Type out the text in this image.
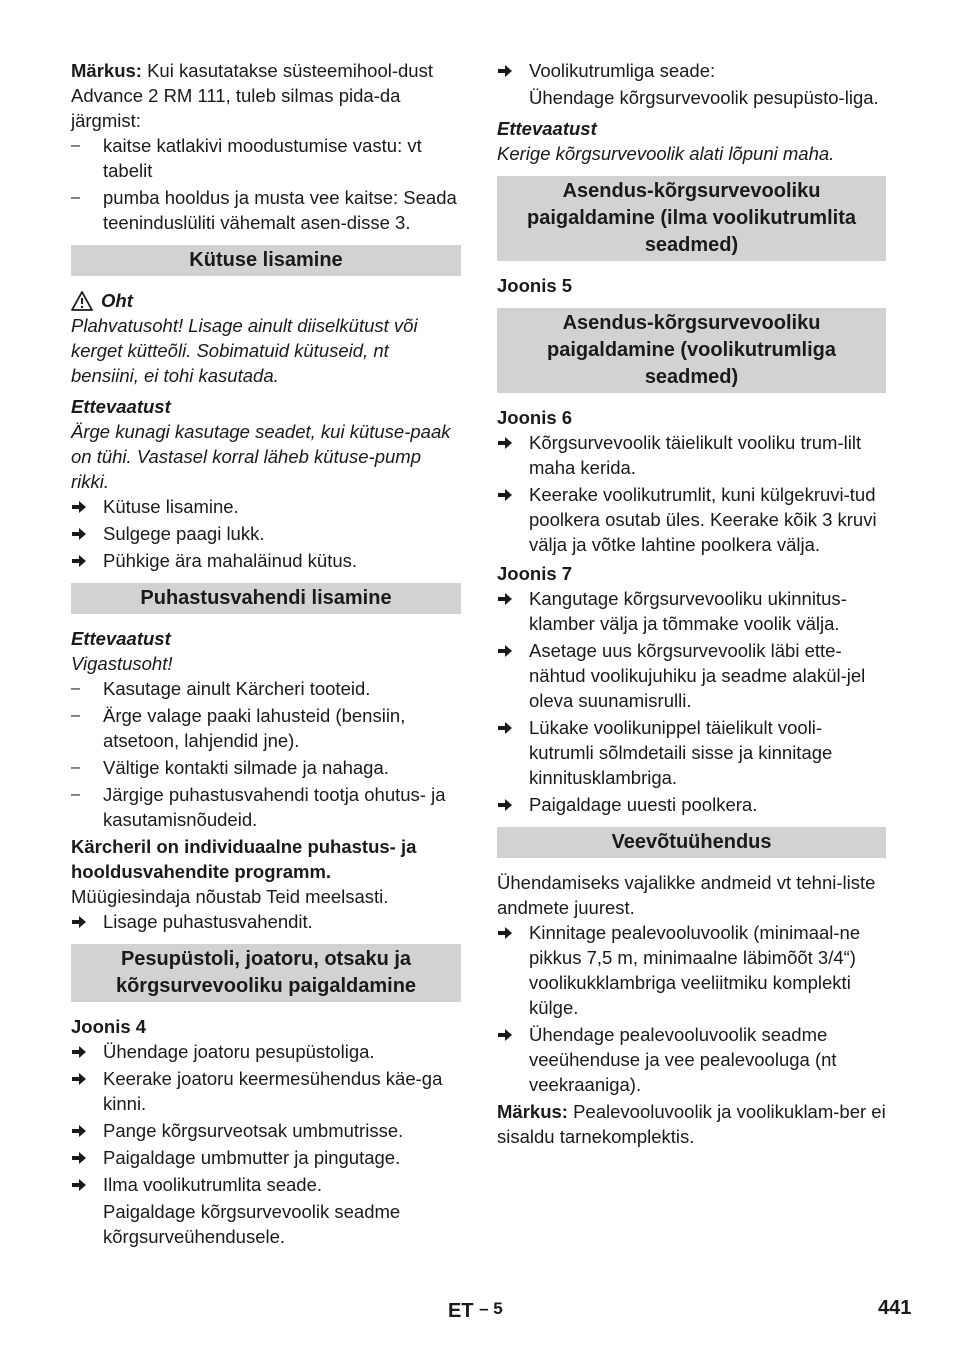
Märkus: Kui kasutatakse süsteemihool-dust Advance 2 RM 111, tuleb silmas pida-da järgmist:

–	kaitse katlakivi moodustumise vastu: vt tabelit
–	pumba hooldus ja musta vee kaitse: Seada teeninduslüliti vähemalt asen-disse 3.
Kütuse lisamine
Oht

Plahvatusoht! Lisage ainult diiselkütust või kerget kütteõli. Sobimatuid kütuseid, nt bensiini, ei tohi kasutada.

Ettevaatust

Ärge kunagi kasutage seadet, kui kütuse-paak on tühi. Vastasel korral läheb kütuse-pump rikki.

Kütuse lisamine.
Sulgege paagi lukk.
Pühkige ära mahaläinud kütus.
Puhastusvahendi lisamine

Ettevaatust

Vigastusoht!

–	Kasutage ainult Kärcheri tooteid.
–	Ärge valage paaki lahusteid (bensiin, atsetoon, lahjendid jne).
–	Vältige kontakti silmade ja nahaga.
–	Järgige puhastusvahendi tootja ohutus- ja kasutamisnõudeid.

Kärcheril on individuaalne puhastus- ja hooldusvahendite programm.

Müügiesindaja nõustab Teid meelsasti.

Lisage puhastusvahendit.
Pesupüstoli, joatoru, otsaku ja kõrgsurvevooliku paigaldamine

Joonis 4

Ühendage joatoru pesupüstoliga.
Keerake joatoru keermesühendus käe-ga kinni.
Pange kõrgsurveotsak umbmutrisse.
Paigaldage umbmutter ja pingutage.
Ilma voolikutrumlita seade.

Paigaldage kõrgsurvevoolik seadme kõrgsurveühendusele.

Voolikutrumliga seade:

Ühendage kõrgsurvevoolik pesupüsto-liga.

Ettevaatust

Kerige kõrgsurvevoolik alati lõpuni maha.

Asendus-kõrgsurvevooliku paigaldamine (ilma voolikutrumlita seadmed)

Joonis 5

Asendus-kõrgsurvevooliku paigaldamine (voolikutrumliga seadmed)

Joonis 6

Kõrgsurvevoolik täielikult vooliku trum-lilt maha kerida.
Keerake voolikutrumlit, kuni külgekruvi-tud poolkera osutab üles. Keerake kõik 3 kruvi välja ja võtke lahtine poolkera välja.

Joonis 7

Kangutage kõrgsurvevooliku ukinnitus-klamber välja ja tõmmake voolik välja.
Asetage uus kõrgsurvevoolik läbi ette-nähtud voolikujuhiku ja seadme alakül-jel oleva suunamisrulli.
Lükake voolikunippel täielikult vooli-kutrumli sõlmdetaili sisse ja kinnitage kinnitusklambriga.
Paigaldage uuesti poolkera.
Veevõtuühendus

Ühendamiseks vajalikke andmeid vt tehni-liste andmete juurest.

Kinnitage pealevooluvoolik (minimaal-ne pikkus 7,5 m, minimaalne läbimõõt 3/4“) voolikukklambriga veeliitmiku komplekti külge.
Ühendage pealevooluvoolik seadme veeühenduse ja vee pealevooluga (nt veekraaniga).

Märkus: Pealevooluvoolik ja voolikuklam-ber ei sisaldu tarnekomplektis.

ET – 5	441
